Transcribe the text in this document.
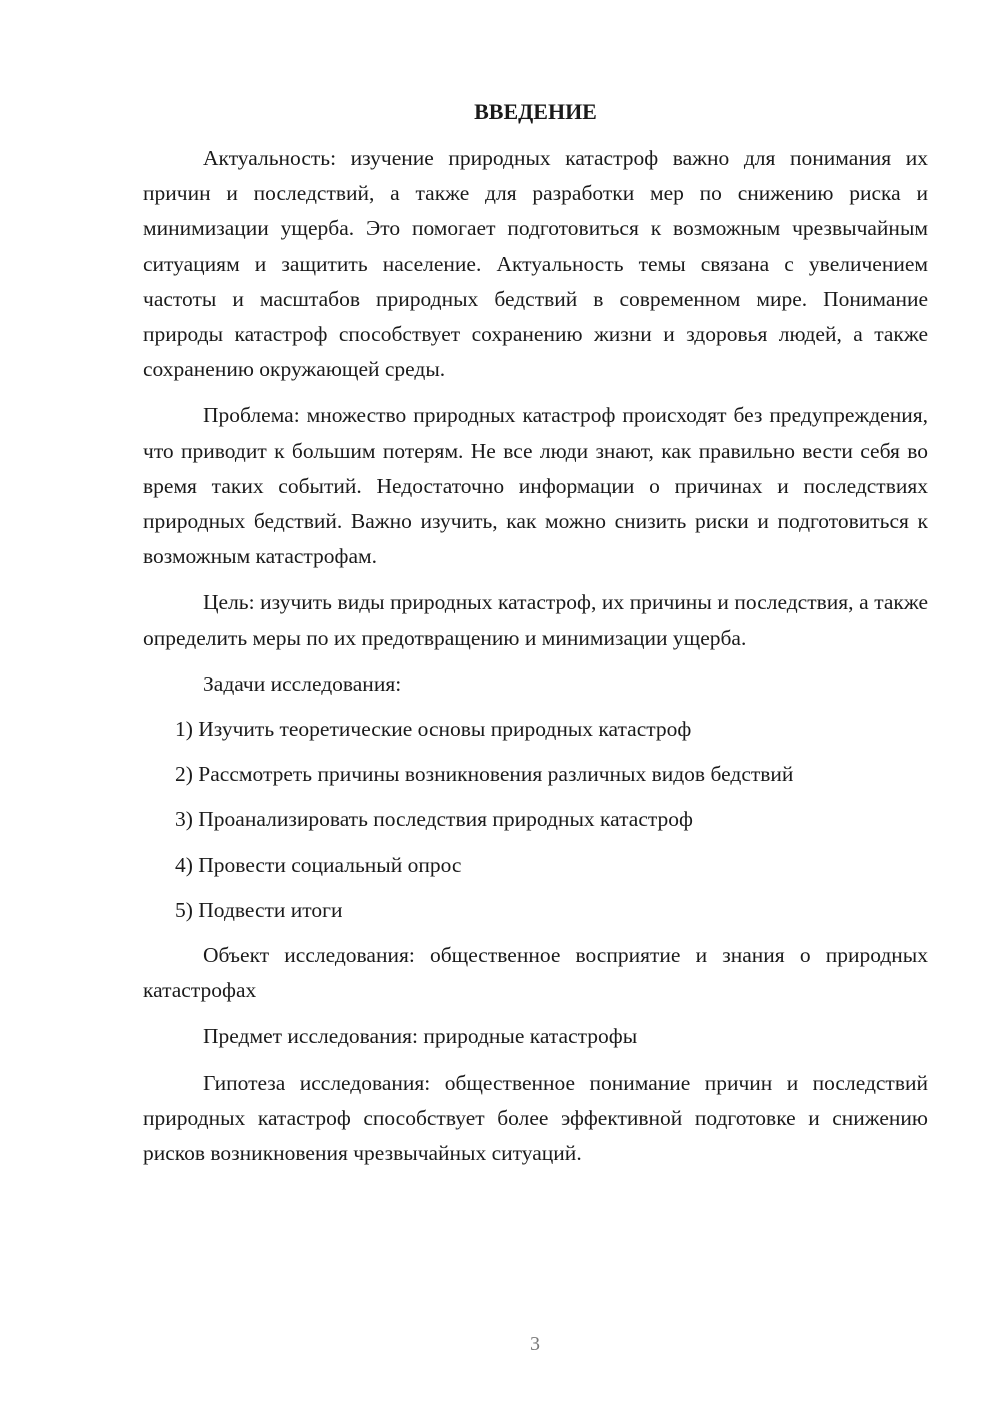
ВВЕДЕНИЕ

Актуальность: изучение природных катастроф важно для понимания их причин и последствий, а также для разработки мер по снижению риска и минимизации ущерба. Это помогает подготовиться к возможным чрезвычайным ситуациям и защитить население. Актуальность темы связана с увеличением частоты и масштабов природных бедствий в современном мире. Понимание природы катастроф способствует сохранению жизни и здоровья людей, а также сохранению окружающей среды.

Проблема: множество природных катастроф происходят без предупреждения, что приводит к большим потерям. Не все люди знают, как правильно вести себя во время таких событий. Недостаточно информации о причинах и последствиях природных бедствий. Важно изучить, как можно снизить риски и подготовиться к возможным катастрофам.

Цель: изучить виды природных катастроф, их причины и последствия, а также определить меры по их предотвращению и минимизации ущерба.

Задачи исследования:

1) Изучить теоретические основы природных катастроф
2) Рассмотреть причины возникновения различных видов бедствий
3) Проанализировать последствия природных катастроф
4) Провести социальный опрос
5) Подвести итоги

Объект исследования: общественное восприятие и знания о природных катастрофах

Предмет исследования: природные катастрофы

Гипотеза исследования: общественное понимание причин и последствий природных катастроф способствует более эффективной подготовке и снижению рисков возникновения чрезвычайных ситуаций.

3
